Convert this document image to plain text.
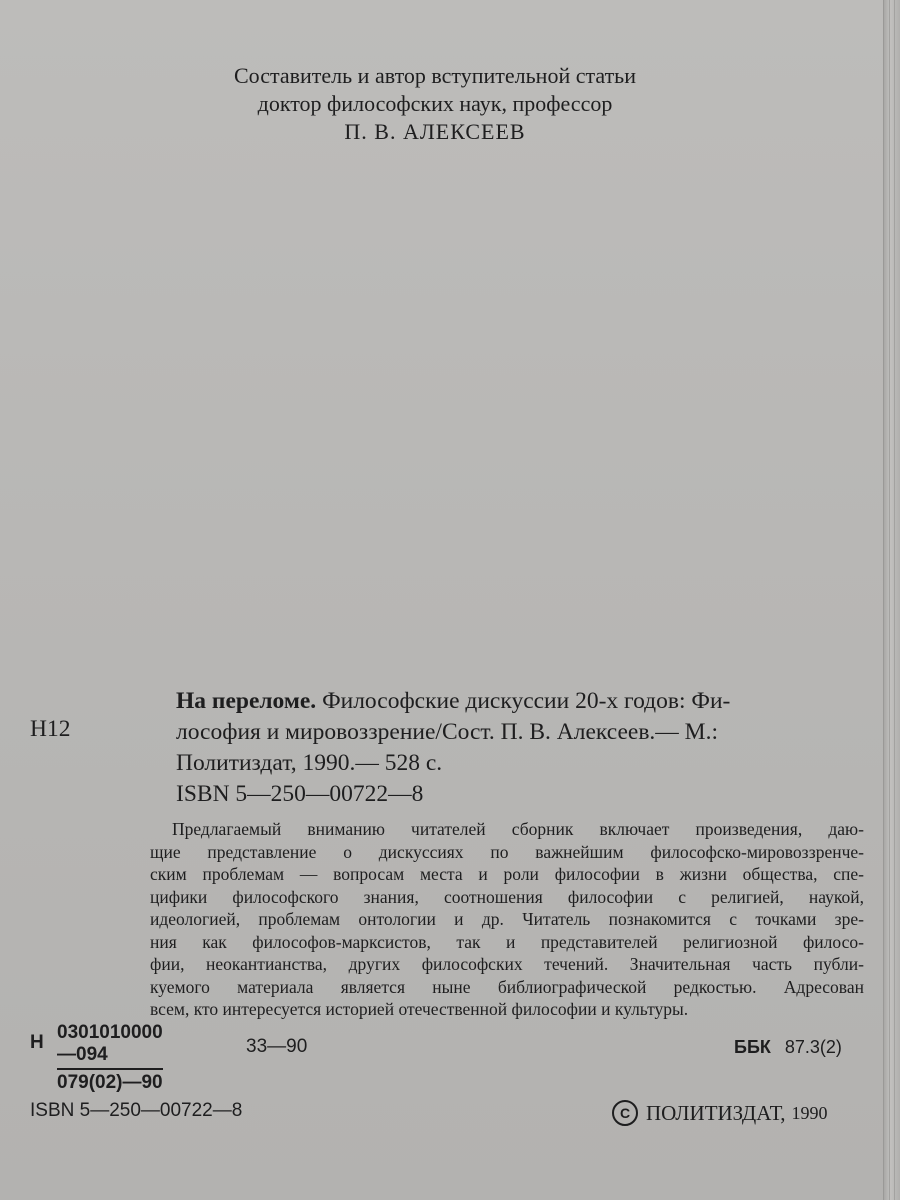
Составитель и автор вступительной статьи
доктор философских наук, профессор
П. В. АЛЕКСЕЕВ
Н12
На переломе.
Философские дискуссии 20-х годов: Фи-
лософия и мировоззрение/Сост. П. В. Алексеев.— М.:
Политиздат, 1990.— 528 с.
ISBN 5—250—00722—8
Предлагаемый вниманию читателей сборник включает произведения, даю-
щие представление о дискуссиях по важнейшим философско-мировоззренче-
ским проблемам — вопросам места и роли философии в жизни общества, спе-
цифики философского знания, соотношения философии с религией, наукой,
идеологией, проблемам онтологии и др. Читатель познакомится с точками зре-
ния как философов-марксистов, так и представителей религиозной филосо-
фии, неокантианства, других философских течений. Значительная часть публи-
куемого материала является ныне библиографической редкостью. Адресован
всем, кто интересуется историей отечественной философии и культуры.
Н $\frac{0301010000—094}{079(02)—90}$	33—90	ББК 87.3(2)
ISBN 5—250—00722—8	C ПОЛИТИЗДАТ, 1990
